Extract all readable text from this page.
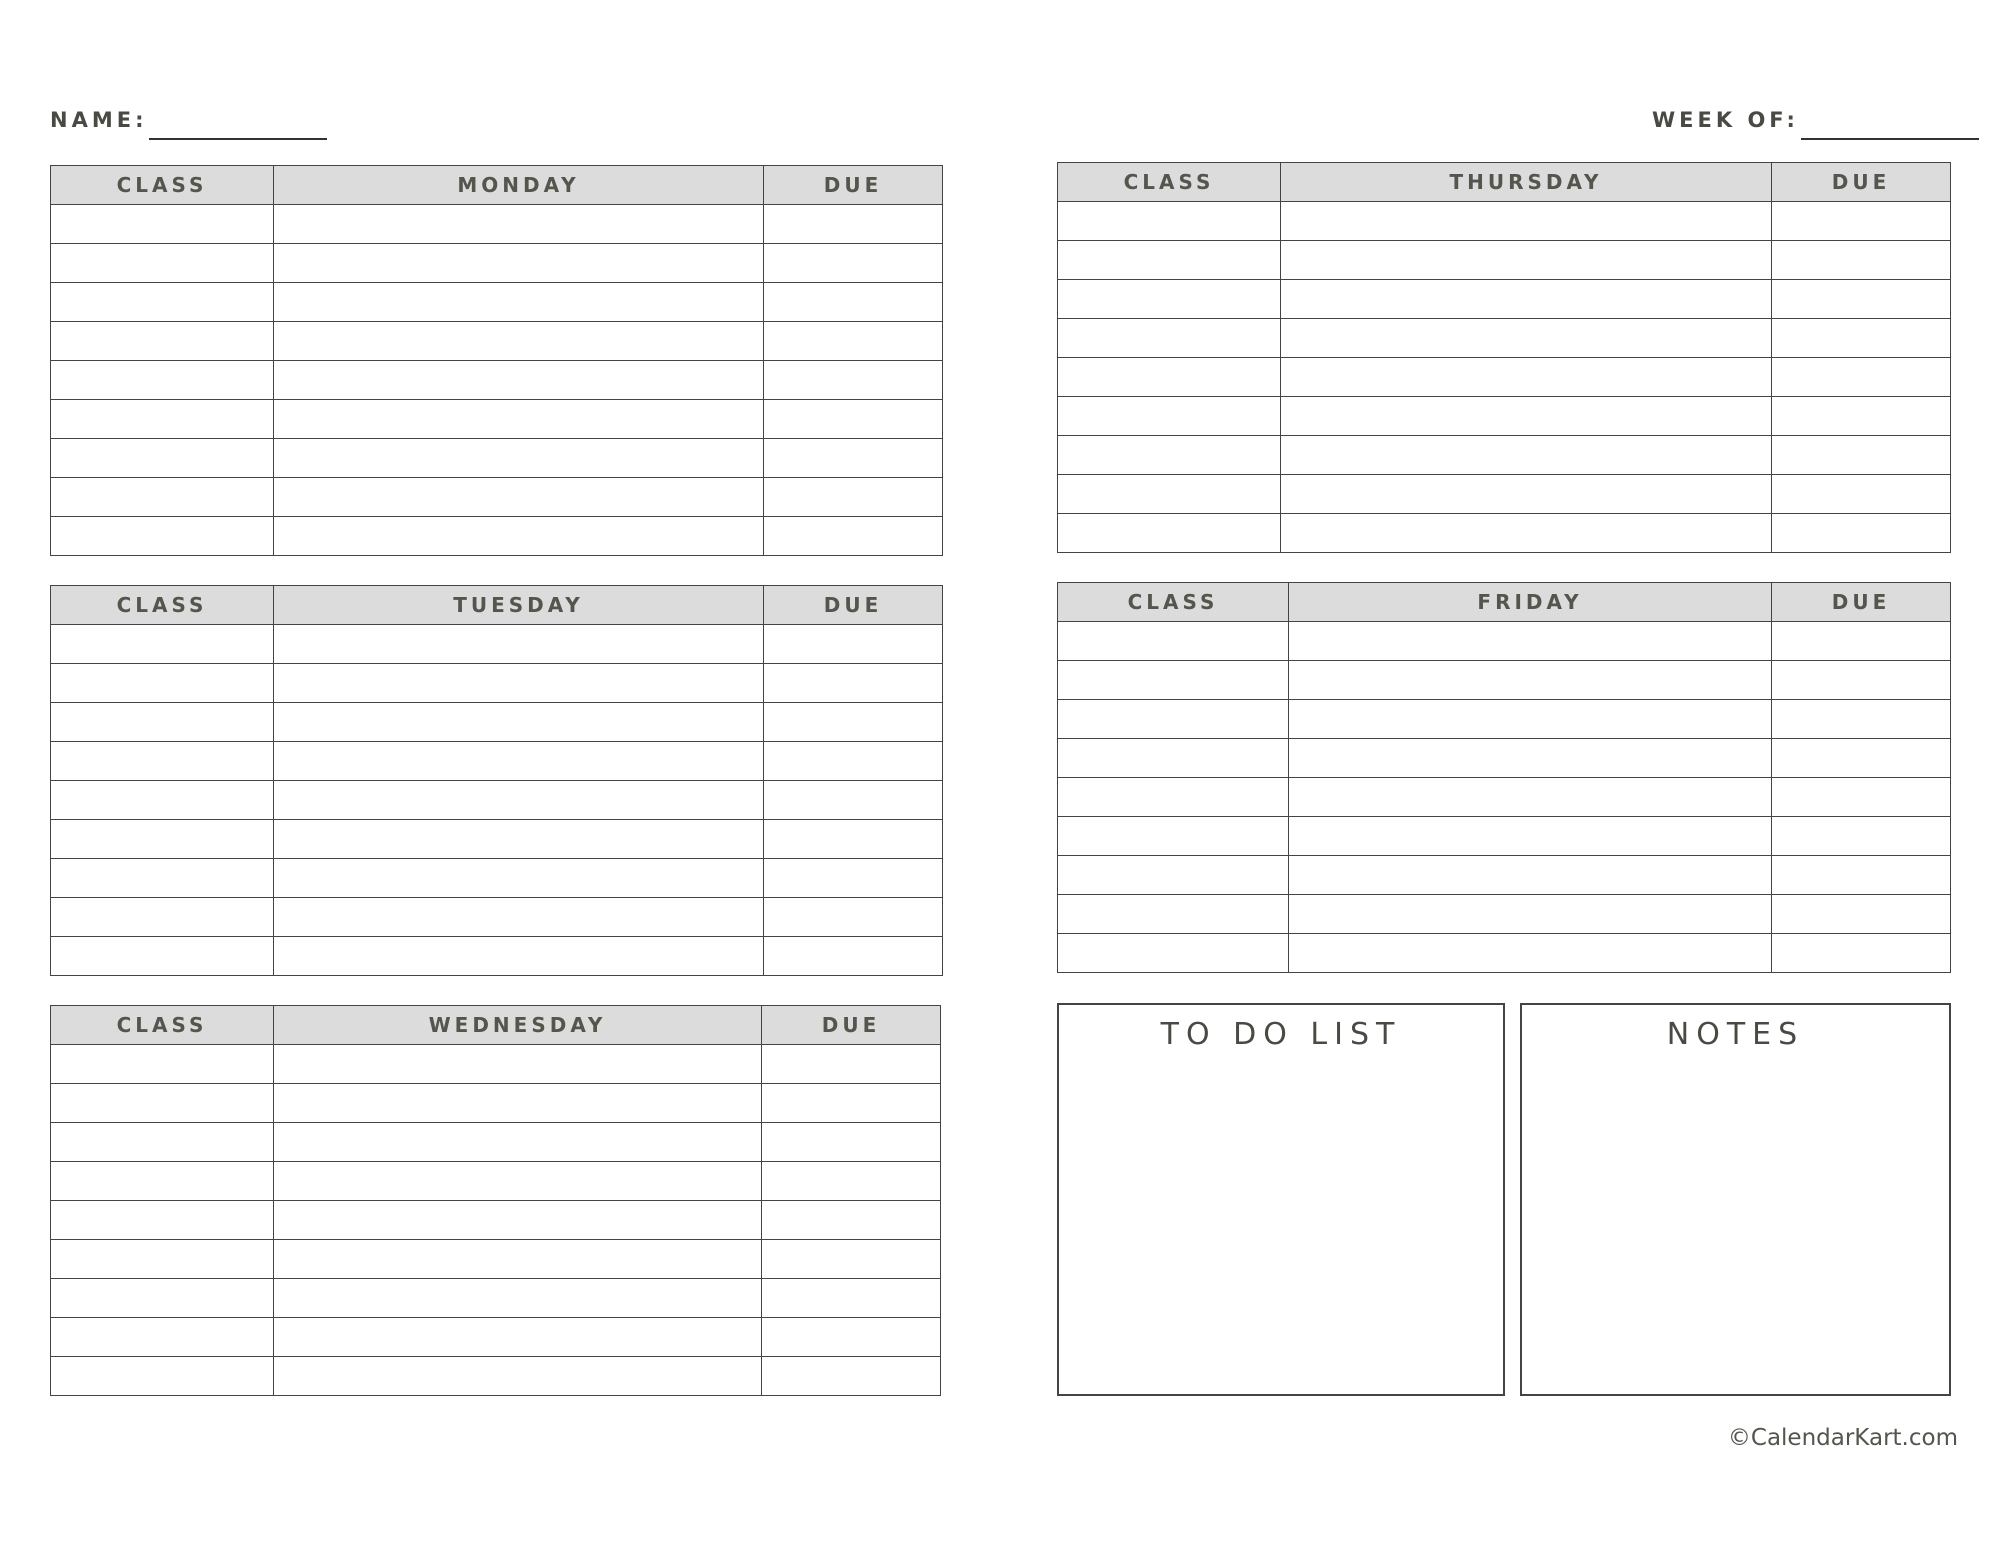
NAME:	WEEK OF:
CLASS	MONDAY	DUE

CLASS	TUESDAY	DUE

CLASS	WEDNESDAY	DUE

CLASS	THURSDAY	DUE

CLASS	FRIDAY	DUE

TO DO LIST	NOTES
©CalendarKart.com
